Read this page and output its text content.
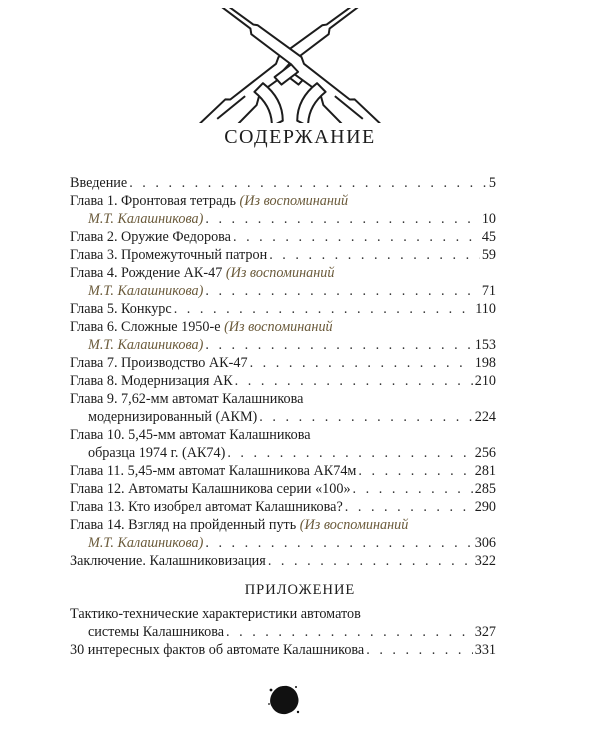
СОДЕРЖАНИЕ
Введение . . .	5
Глава 1. Фронтовая тетрадь (Из воспоминаний
М.Т. Калашникова) . . .	10
Глава 2. Оружие Федорова . . .	45
Глава 3. Промежуточный патрон . . .	59
Глава 4. Рождение АК-47 (Из воспоминаний
М.Т. Калашникова) . . .	71
Глава 5. Конкурс . . .	110
Глава 6. Сложные 1950-е (Из воспоминаний
М.Т. Калашникова) . . .	153
Глава 7. Производство АК-47 . . .	198
Глава 8. Модернизация АК . . .	210
Глава 9. 7,62-мм автомат Калашникова
модернизированный (АКМ) . . .	224
Глава 10. 5,45-мм автомат Калашникова
образца 1974 г. (АК74) . . .	256
Глава 11. 5,45-мм автомат Калашникова АК74м . . .	281
Глава 12. Автоматы Калашникова серии «100» . . .	285
Глава 13. Кто изобрел автомат Калашникова? . . .	290
Глава 14. Взгляд на пройденный путь (Из воспоминаний
М.Т. Калашникова) . . .	306
Заключение. Калашниковизация . . .	322
ПРИЛОЖЕНИЕ
Тактико-технические характеристики автоматов
системы Калашникова . . .	327
30 интересных фактов об автомате Калашникова . . .	331
